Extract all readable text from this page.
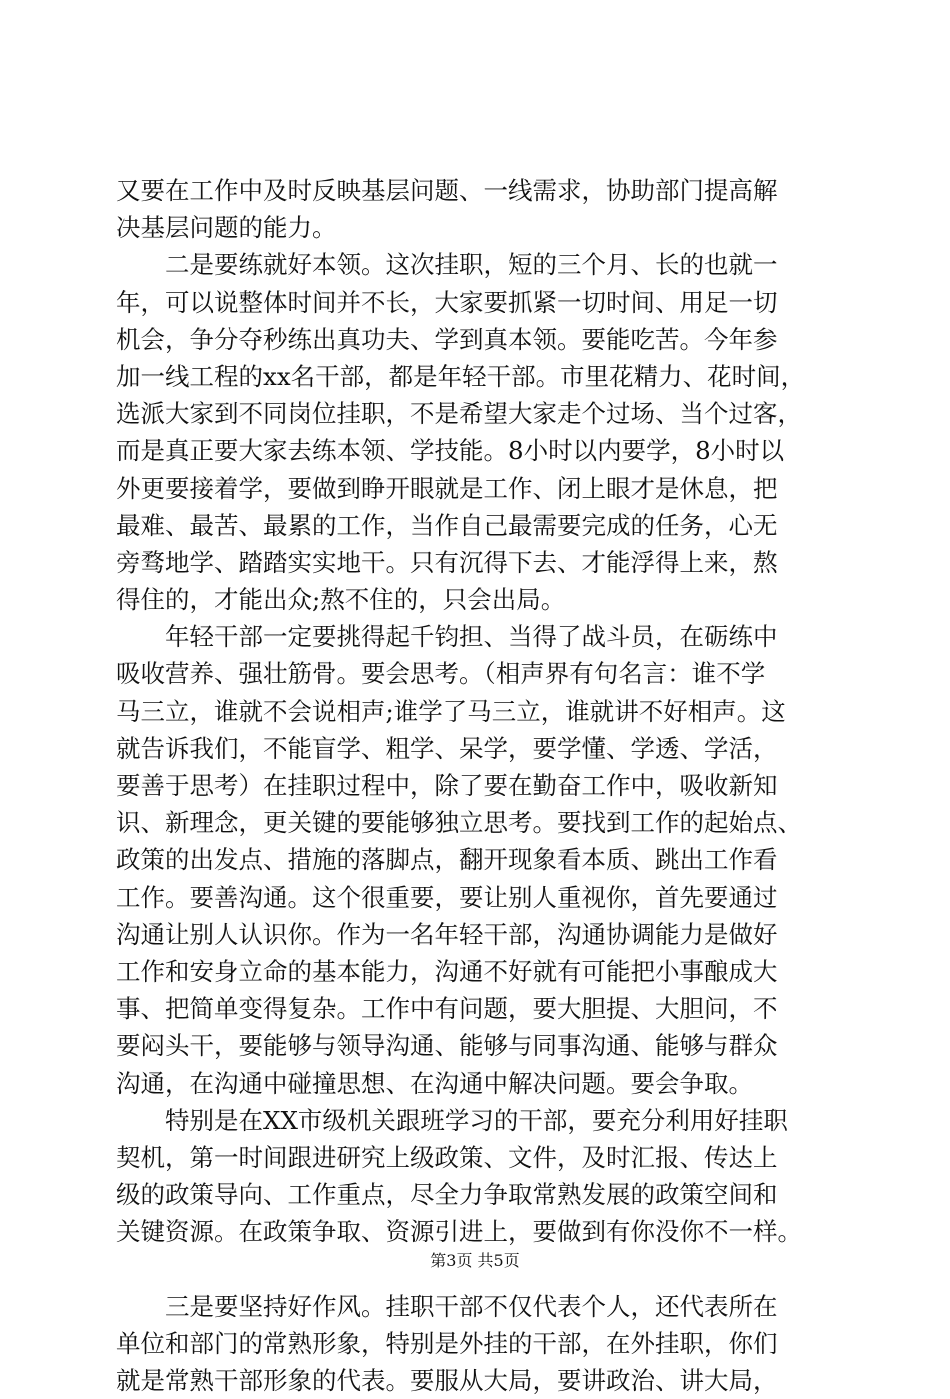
又要在工作中及时反映基层问题、一线需求，协助部门提高解
决基层问题的能力。
　　二是要练就好本领。这次挂职，短的三个月、长的也就一
年，可以说整体时间并不长，大家要抓紧一切时间、用足一切
机会，争分夺秒练出真功夫、学到真本领。要能吃苦。今年参
加一线工程的xx名干部，都是年轻干部。市里花精力、花时间，
选派大家到不同岗位挂职，不是希望大家走个过场、当个过客，
而是真正要大家去练本领、学技能。8小时以内要学，8小时以
外更要接着学，要做到睁开眼就是工作、闭上眼才是休息，把
最难、最苦、最累的工作，当作自己最需要完成的任务，心无
旁骛地学、踏踏实实地干。只有沉得下去、才能浮得上来，熬
得住的，才能出众;熬不住的，只会出局。
　　年轻干部一定要挑得起千钧担、当得了战斗员，在砺练中
吸收营养、强壮筋骨。要会思考。（相声界有句名言：谁不学
马三立，谁就不会说相声;谁学了马三立，谁就讲不好相声。这
就告诉我们，不能盲学、粗学、呆学，要学懂、学透、学活，
要善于思考）在挂职过程中，除了要在勤奋工作中，吸收新知
识、新理念，更关键的要能够独立思考。要找到工作的起始点、
政策的出发点、措施的落脚点，翻开现象看本质、跳出工作看
工作。要善沟通。这个很重要，要让别人重视你，首先要通过
沟通让别人认识你。作为一名年轻干部，沟通协调能力是做好
工作和安身立命的基本能力，沟通不好就有可能把小事酿成大
事、把简单变得复杂。工作中有问题，要大胆提、大胆问，不
要闷头干，要能够与领导沟通、能够与同事沟通、能够与群众
沟通，在沟通中碰撞思想、在沟通中解决问题。要会争取。
　　特别是在XX市级机关跟班学习的干部，要充分利用好挂职
契机，第一时间跟进研究上级政策、文件，及时汇报、传达上
级的政策导向、工作重点，尽全力争取常熟发展的政策空间和
关键资源。在政策争取、资源引进上，要做到有你没你不一样。
　　三是要坚持好作风。挂职干部不仅代表个人，还代表所在
单位和部门的常熟形象，特别是外挂的干部，在外挂职，你们
就是常熟干部形象的代表。要服从大局，要讲政治、讲大局，
第3页 共5页
